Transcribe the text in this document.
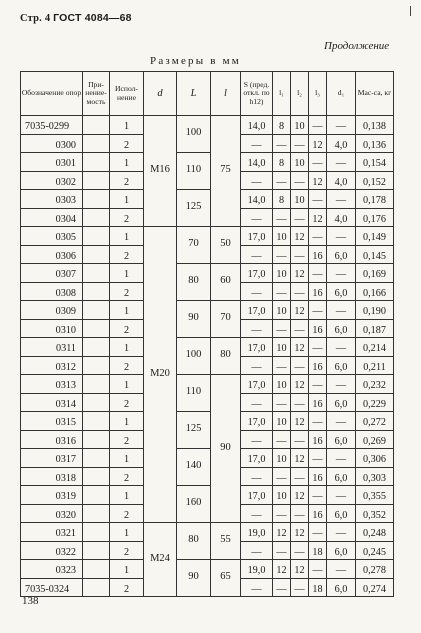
Стр. 4 ГОСТ 4084—68
Продолжение
Размеры в мм
Обозначение опор	При-нение-мость	Испол-нение	d	L	l	S (пред. откл. по h12)	l₁	l₂	l₃	d₁	Мас-са, кг
7035-0299		1	M16	100	75	14,0	8	10	—	—	0,138
0300		2				—	—	—	12	4,0	0,136
0301		1		110		14,0	8	10	—	—	0,154
0302		2				—	—	—	12	4,0	0,152
0303		1		125		14,0	8	10	—	—	0,178
0304		2				—	—	—	12	4,0	0,176
0305		1	M20	70	50	17,0	10	12	—	—	0,149
0306		2				—	—	—	16	6,0	0,145
0307		1		80	60	17,0	10	12	—	—	0,169
0308		2				—	—	—	16	6,0	0,166
0309		1		90	70	17,0	10	12	—	—	0,190
0310		2				—	—	—	16	6,0	0,187
0311		1		100	80	17,0	10	12	—	—	0,214
0312		2				—	—	—	16	6,0	0,211
0313		1		110	90	17,0	10	12	—	—	0,232
0314		2				—	—	—	16	6,0	0,229
0315		1		125		17,0	10	12	—	—	0,272
0316		2				—	—	—	16	6,0	0,269
0317		1		140		17,0	10	12	—	—	0,306
0318		2				—	—	—	16	6,0	0,303
0319		1		160		17,0	10	12	—	—	0,355
0320		2				—	—	—	16	6,0	0,352
0321		1	M24	80	55	19,0	12	12	—	—	0,248
0322		2				—	—	—	18	6,0	0,245
0323		1		90	65	19,0	12	12	—	—	0,278
7035-0324		2				—	—	—	18	6,0	0,274
138
